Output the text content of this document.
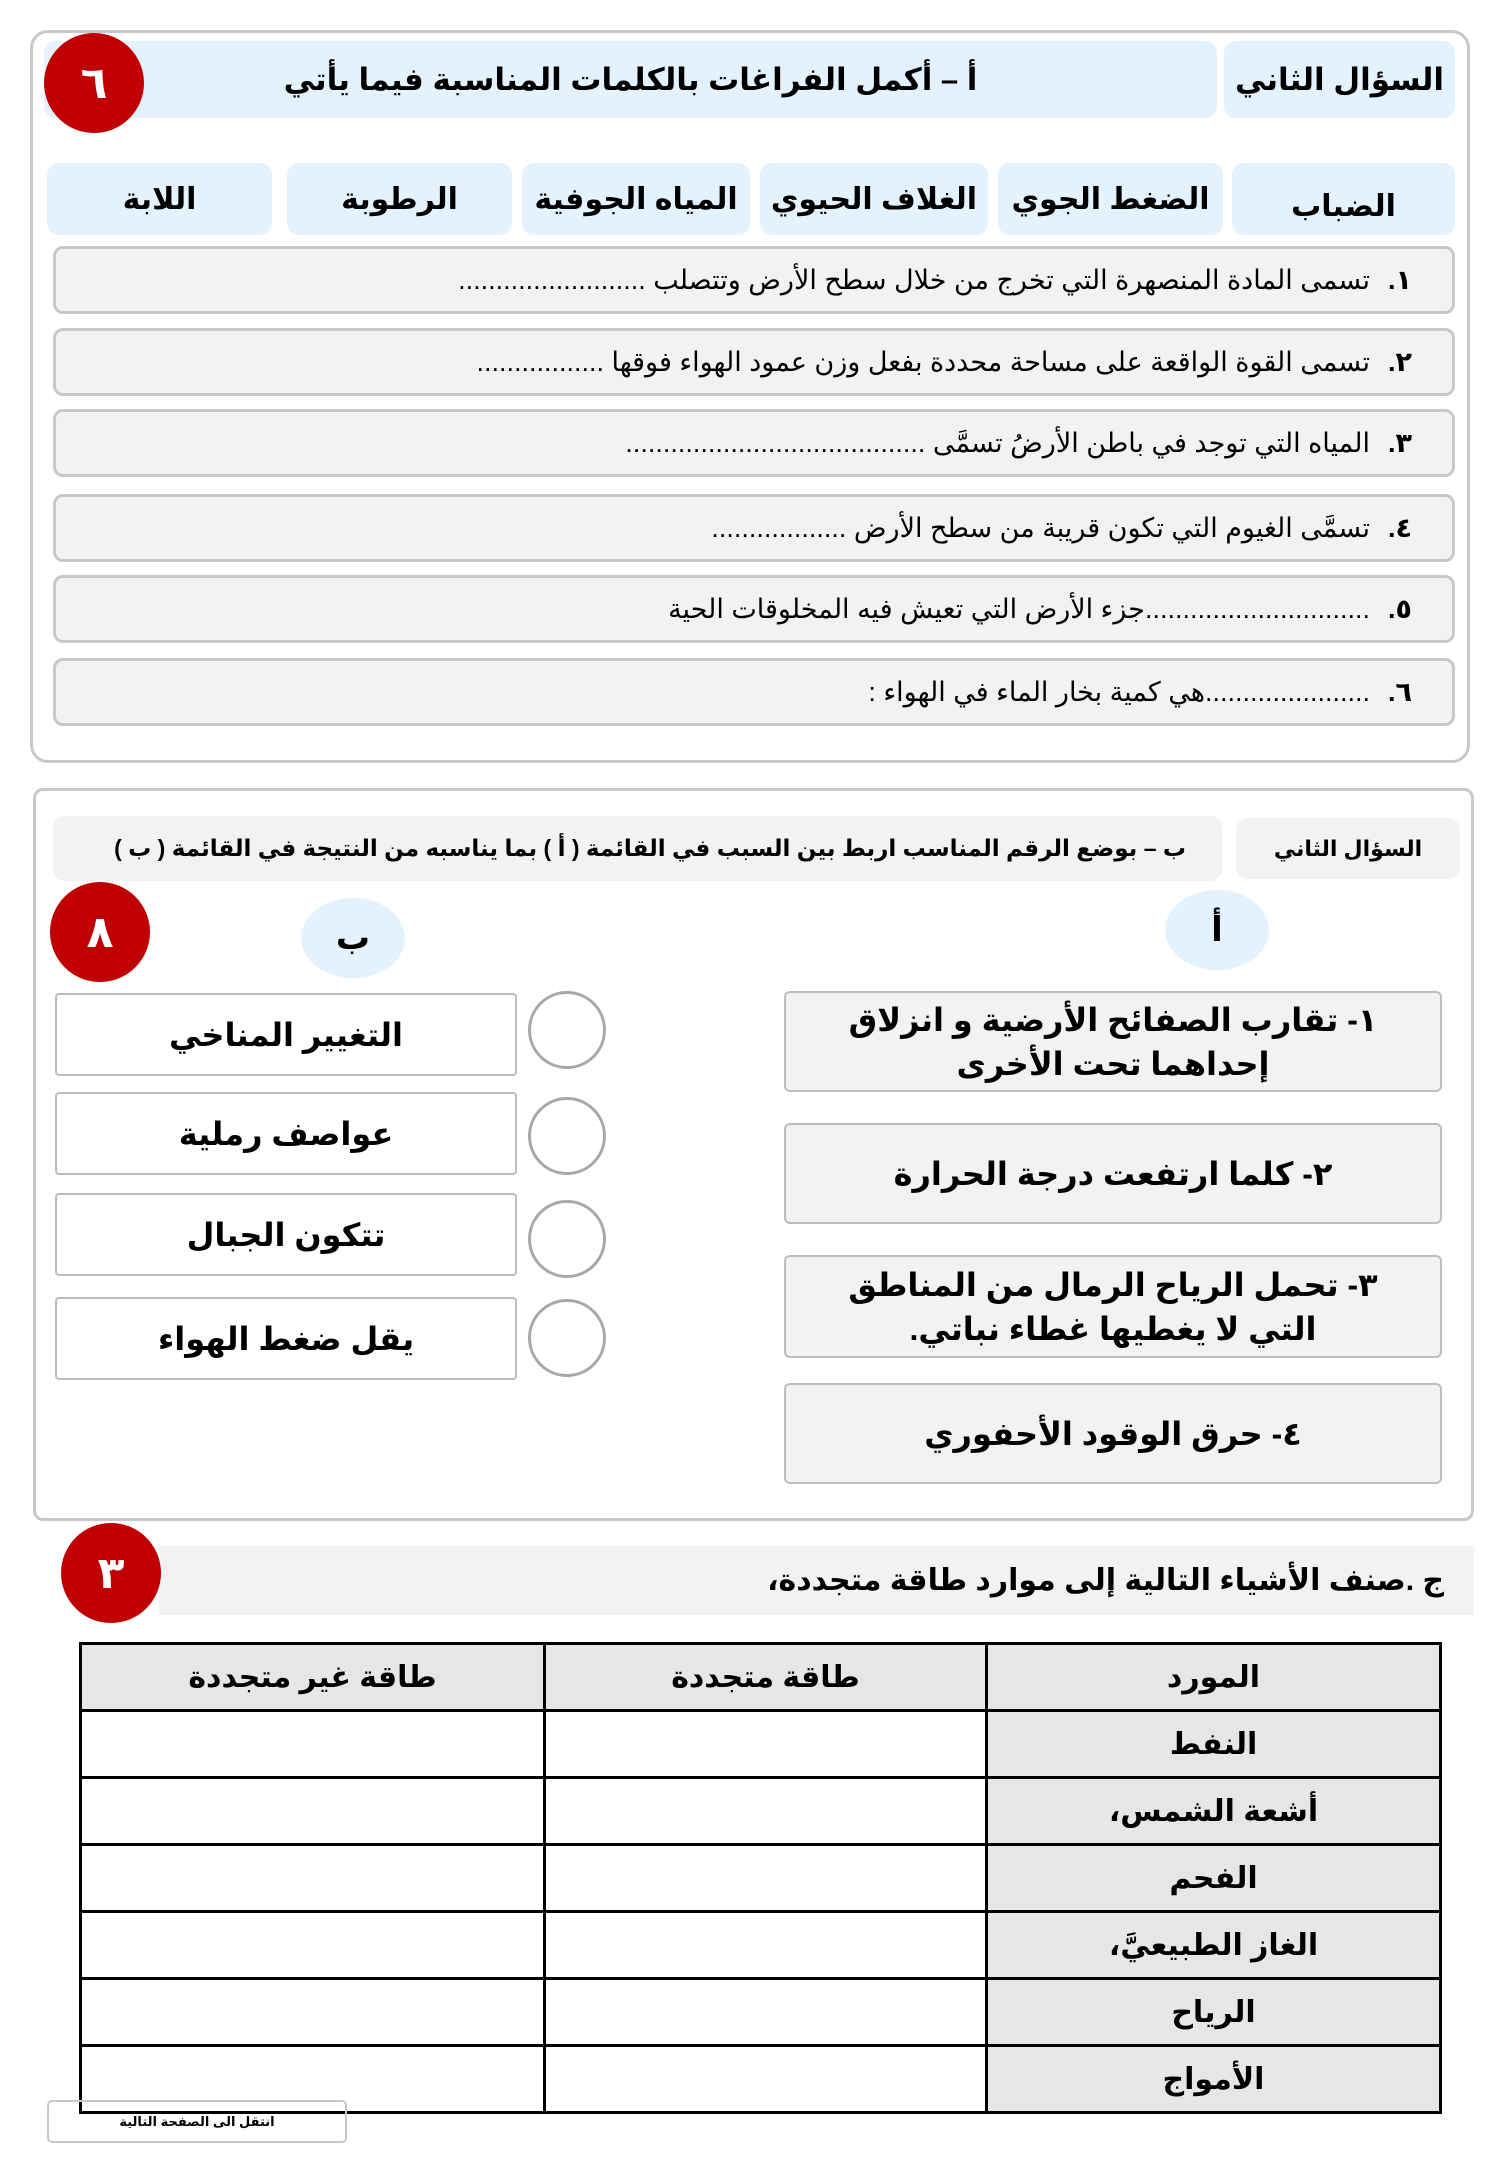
أ – أكمل الفراغات بالكلمات المناسبة فيما يأتي	السؤال الثاني
٦
الضباب
الضغط الجوي
الغلاف الحيوي
المياه الجوفية
الرطوبة
اللابة
١.
تسمى المادة المنصهرة التي تخرج من خلال سطح الأرض وتتصلب .........................
٢.
تسمى القوة الواقعة على مساحة محددة بفعل وزن عمود الهواء فوقها .................
٣.
المياه التي توجد في باطن الأرضُ تسمَّى ........................................
٤.
تسمَّى الغيوم التي تكون قريبة من سطح الأرض ..................
٥.
..............................جزء الأرض التي تعيش فيه المخلوقات الحية
٦.
......................هي كمية بخار الماء في الهواء :
ب – بوضع الرقم المناسب اربط بين السبب في القائمة ( أ ) بما يناسبه من النتيجة في القائمة ( ب )	السؤال الثاني
٨	ب	أ
١- تقارب الصفائح الأرضية و انزلاق إحداهما تحت الأخرى
٢- كلما ارتفعت درجة الحرارة
٣- تحمل الرياح الرمال من المناطق التي لا يغطيها غطاء نباتي.
٤- حرق الوقود الأحفوري
التغيير المناخي
عواصف رملية
تتكون الجبال
يقل ضغط الهواء
ج .صنف الأشياء التالية إلى موارد طاقة متجددة،
٣
المورد	طاقة متجددة	طاقة غير متجددة
النفط		
أشعة الشمس،		
الفحم		
الغاز الطبيعيَّ،		
الرياح		
الأمواج		
انتقل الى الصفحة التالية
